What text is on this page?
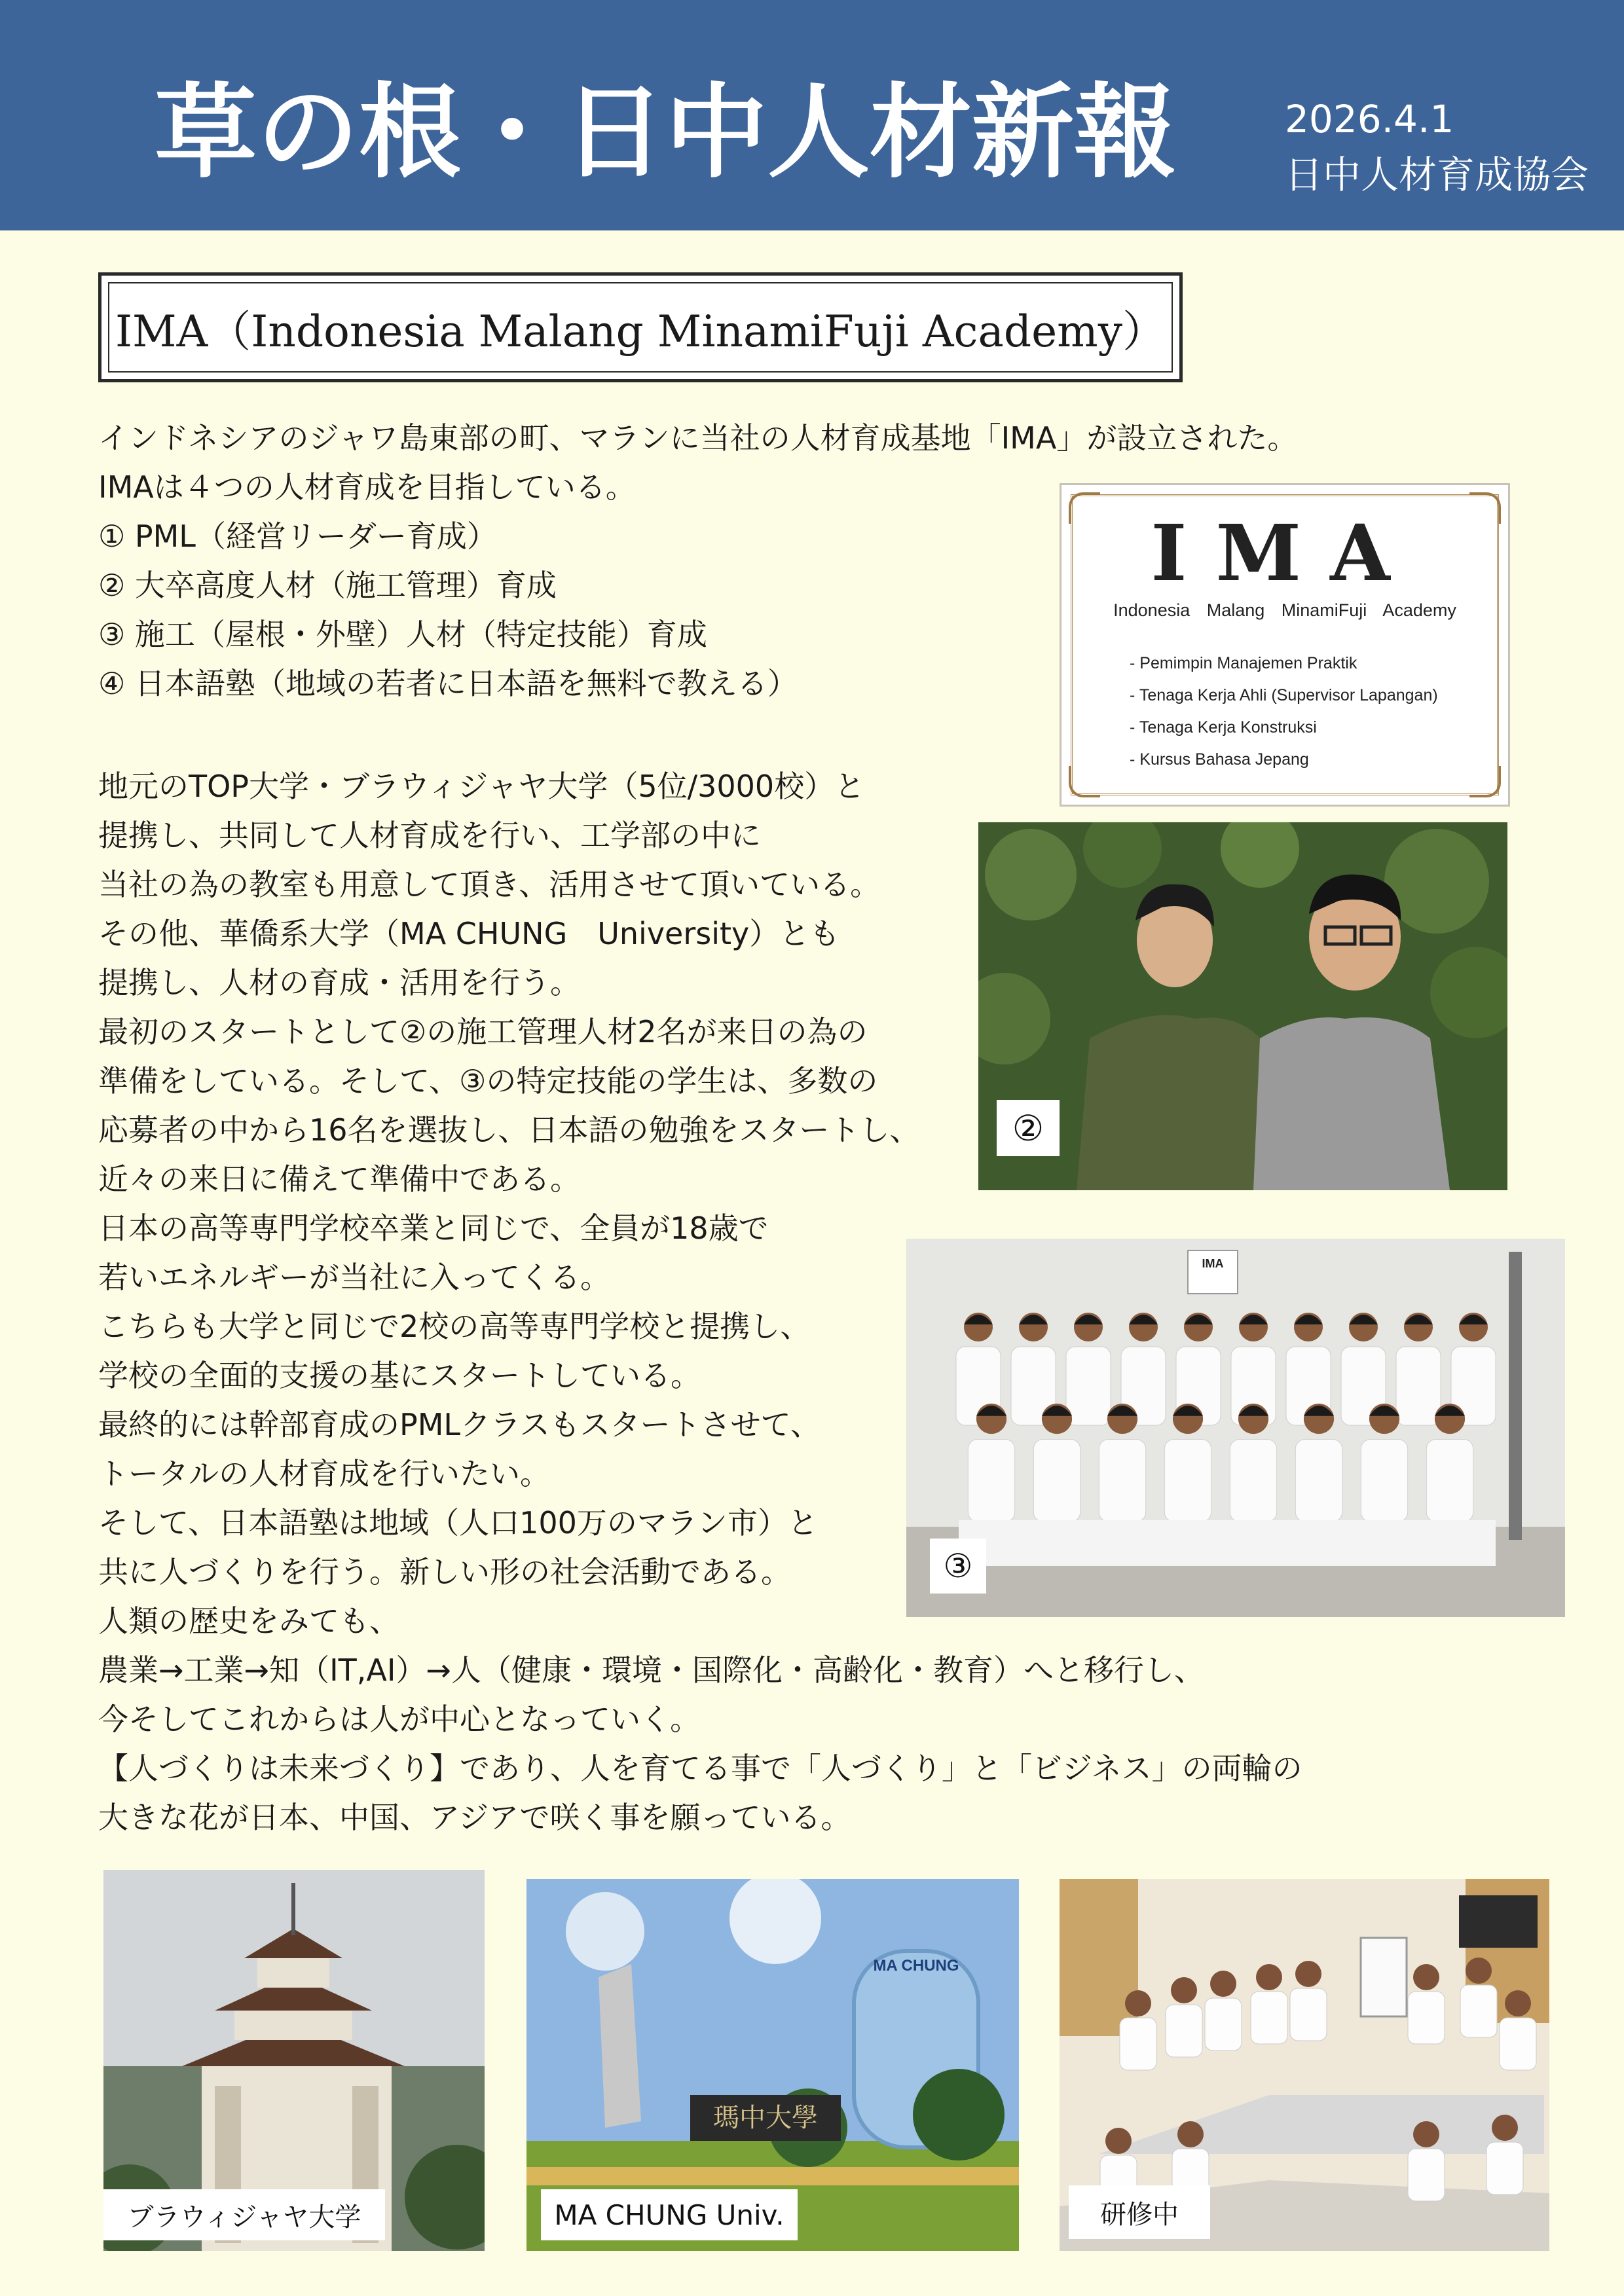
草の根・日中人材新報	2026.4.1
日中人材育成協会
IMA（Indonesia Malang MinamiFuji Academy）

インドネシアのジャワ島東部の町、マランに当社の人材育成基地「IMA」が設立された。

IMAは４つの人材育成を目指している。

① PML（経営リーダー育成）

② 大卒高度人材（施工管理）育成

③ 施工（屋根・外壁）人材（特定技能）育成

④ 日本語塾（地域の若者に日本語を無料で教える）

地元のTOP大学・ブラウィジャヤ大学（5位/3000校）と

提携し、共同して人材育成を行い、工学部の中に

当社の為の教室も用意して頂き、活用させて頂いている。

その他、華僑系大学（MA CHUNG　University）とも

提携し、人材の育成・活用を行う。

最初のスタートとして②の施工管理人材2名が来日の為の

準備をしている。そして、③の特定技能の学生は、多数の

応募者の中から16名を選抜し、日本語の勉強をスタートし、

近々の来日に備えて準備中である。

日本の高等専門学校卒業と同じで、全員が18歳で

若いエネルギーが当社に入ってくる。

こちらも大学と同じで2校の高等専門学校と提携し、

学校の全面的支援の基にスタートしている。

最終的には幹部育成のPMLクラスもスタートさせて、

トータルの人材育成を行いたい。

そして、日本語塾は地域（人口100万のマラン市）と

共に人づくりを行う。新しい形の社会活動である。

人類の歴史をみても、

農業→工業→知（IT,AI）→人（健康・環境・国際化・高齢化・教育）へと移行し、

今そしてこれからは人が中心となっていく。

【人づくりは未来づくり】であり、人を育てる事で「人づくり」と「ビジネス」の両輪の

大きな花が日本、中国、アジアで咲く事を願っている。

IMA
Indonesia Malang MinamiFuji Academy
- Pemimpin Manajemen Praktik
- Tenaga Kerja Ahli (Supervisor Lapangan)
- Tenaga Kerja Konstruksi
- Kursus Bahasa Jepang
②
IMA
③
ブラウィジャヤ大学
MA CHUNG
瑪中大學
MA CHUNG Univ.	研修中
